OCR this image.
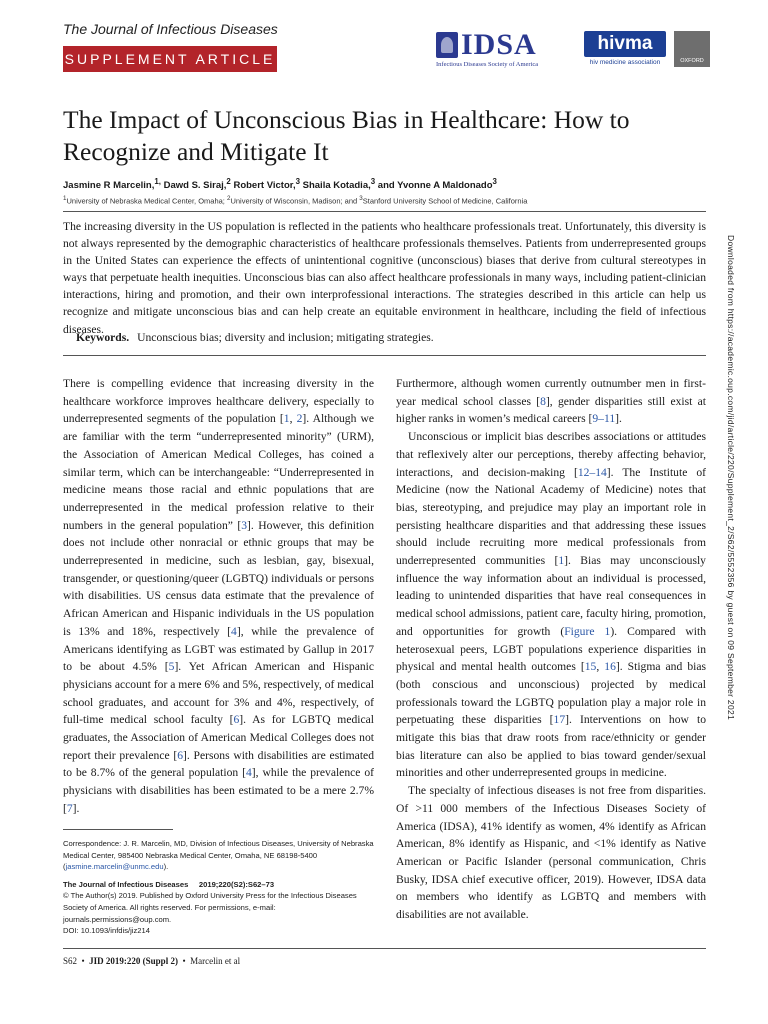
The Journal of Infectious Diseases
SUPPLEMENT ARTICLE	IDSA
Infectious Diseases Society of America
hivma
hiv medicine association	OXFORD
The Impact of Unconscious Bias in Healthcare: How to Recognize and Mitigate It
Jasmine R Marcelin,$^{1,}$ Dawd S. Siraj,$^2$ Robert Victor,$^3$ Shaila Kotadia,$^3$ and Yvonne A Maldonado$^3$
$^1$University of Nebraska Medical Center, Omaha; $^2$University of Wisconsin, Madison; and $^3$Stanford University School of Medicine, California
The increasing diversity in the US population is reflected in the patients who healthcare professionals treat. Unfortunately, this diversity is not always represented by the demographic characteristics of healthcare professionals themselves. Patients from underrepresented groups in the United States can experience the effects of unintentional cognitive (unconscious) biases that derive from cultural stereotypes in ways that perpetuate health inequities. Unconscious bias can also affect healthcare professionals in many ways, including patient-clinician interactions, hiring and promotion, and their own interprofessional interactions. The strategies described in this article can help us recognize and mitigate unconscious bias and can help create an equitable environment in healthcare, including the field of infectious diseases.
Keywords. Unconscious bias; diversity and inclusion; mitigating strategies.

There is compelling evidence that increasing diversity in the healthcare workforce improves healthcare delivery, especially to underrepresented segments of the population [1, 2]. Although we are familiar with the term “underrepresented minority” (URM), the Association of American Medical Colleges, has coined a similar term, which can be interchangeable: “Underrepresented in medicine means those racial and ethnic populations that are underrepresented in the medical profession relative to their numbers in the general population” [3]. However, this definition does not include other nonracial or ethnic groups that may be underrepresented in medicine, such as lesbian, gay, bisexual, transgender, or questioning/queer (LGBTQ) individuals or persons with disabilities. US census data estimate that the prevalence of African American and Hispanic individuals in the US population is 13% and 18%, respectively [4], while the prevalence of Americans identifying as LGBT was estimated by Gallup in 2017 to be about 4.5% [5]. Yet African American and Hispanic physicians account for a mere 6% and 5%, respectively, of medical school graduates, and account for 3% and 4%, respectively, of full-time medical school faculty [6]. As for LGBTQ medical graduates, the Association of American Medical Colleges does not report their prevalence [6]. Persons with disabilities are estimated to be 8.7% of the general population [4], while the prevalence of physicians with disabilities has been estimated to be a mere 2.7% [7].

Furthermore, although women currently outnumber men in first-year medical school classes [8], gender disparities still exist at higher ranks in women’s medical careers [9–11].

Unconscious or implicit bias describes associations or attitudes that reflexively alter our perceptions, thereby affecting behavior, interactions, and decision-making [12–14]. The Institute of Medicine (now the National Academy of Medicine) notes that bias, stereotyping, and prejudice may play an important role in persisting healthcare disparities and that addressing these issues should include recruiting more medical professionals from underrepresented communities [1]. Bias may unconsciously influence the way information about an individual is processed, leading to unintended disparities that have real consequences in medical school admissions, patient care, faculty hiring, promotion, and opportunities for growth (Figure 1). Compared with heterosexual peers, LGBT populations experience disparities in physical and mental health outcomes [15, 16]. Stigma and bias (both conscious and unconscious) projected by medical professionals toward the LGBTQ population play a major role in perpetuating these disparities [17]. Interventions on how to mitigate this bias that draw roots from race/ethnicity or gender bias literature can also be applied to bias toward gender/sexual minorities and other underrepresented groups in medicine.

The specialty of infectious diseases is not free from disparities. Of >11 000 members of the Infectious Diseases Society of America (IDSA), 41% identify as women, 4% identify as African American, 8% identify as Hispanic, and <1% identify as Native American or Pacific Islander (personal communication, Chris Busky, IDSA chief executive officer, 2019). However, IDSA data on members who identify as LGBTQ and members with disabilities are not available.

Correspondence: J. R. Marcelin, MD, Division of Infectious Diseases, University of Nebraska Medical Center, 985400 Nebraska Medical Center, Omaha, NE 68198-5400 (jasmine.marcelin@unmc.edu).

The Journal of Infectious Diseases 2019;220(S2):S62–73
© The Author(s) 2019. Published by Oxford University Press for the Infectious Diseases Society of America. All rights reserved. For permissions, e-mail: journals.permissions@oup.com.
DOI: 10.1093/infdis/jiz214

S62  •  JID 2019:220 (Suppl 2)  •  Marcelin et al
Downloaded from https://academic.oup.com/jid/article/220/Supplement_2/S62/5552356 by guest on 09 September 2021
